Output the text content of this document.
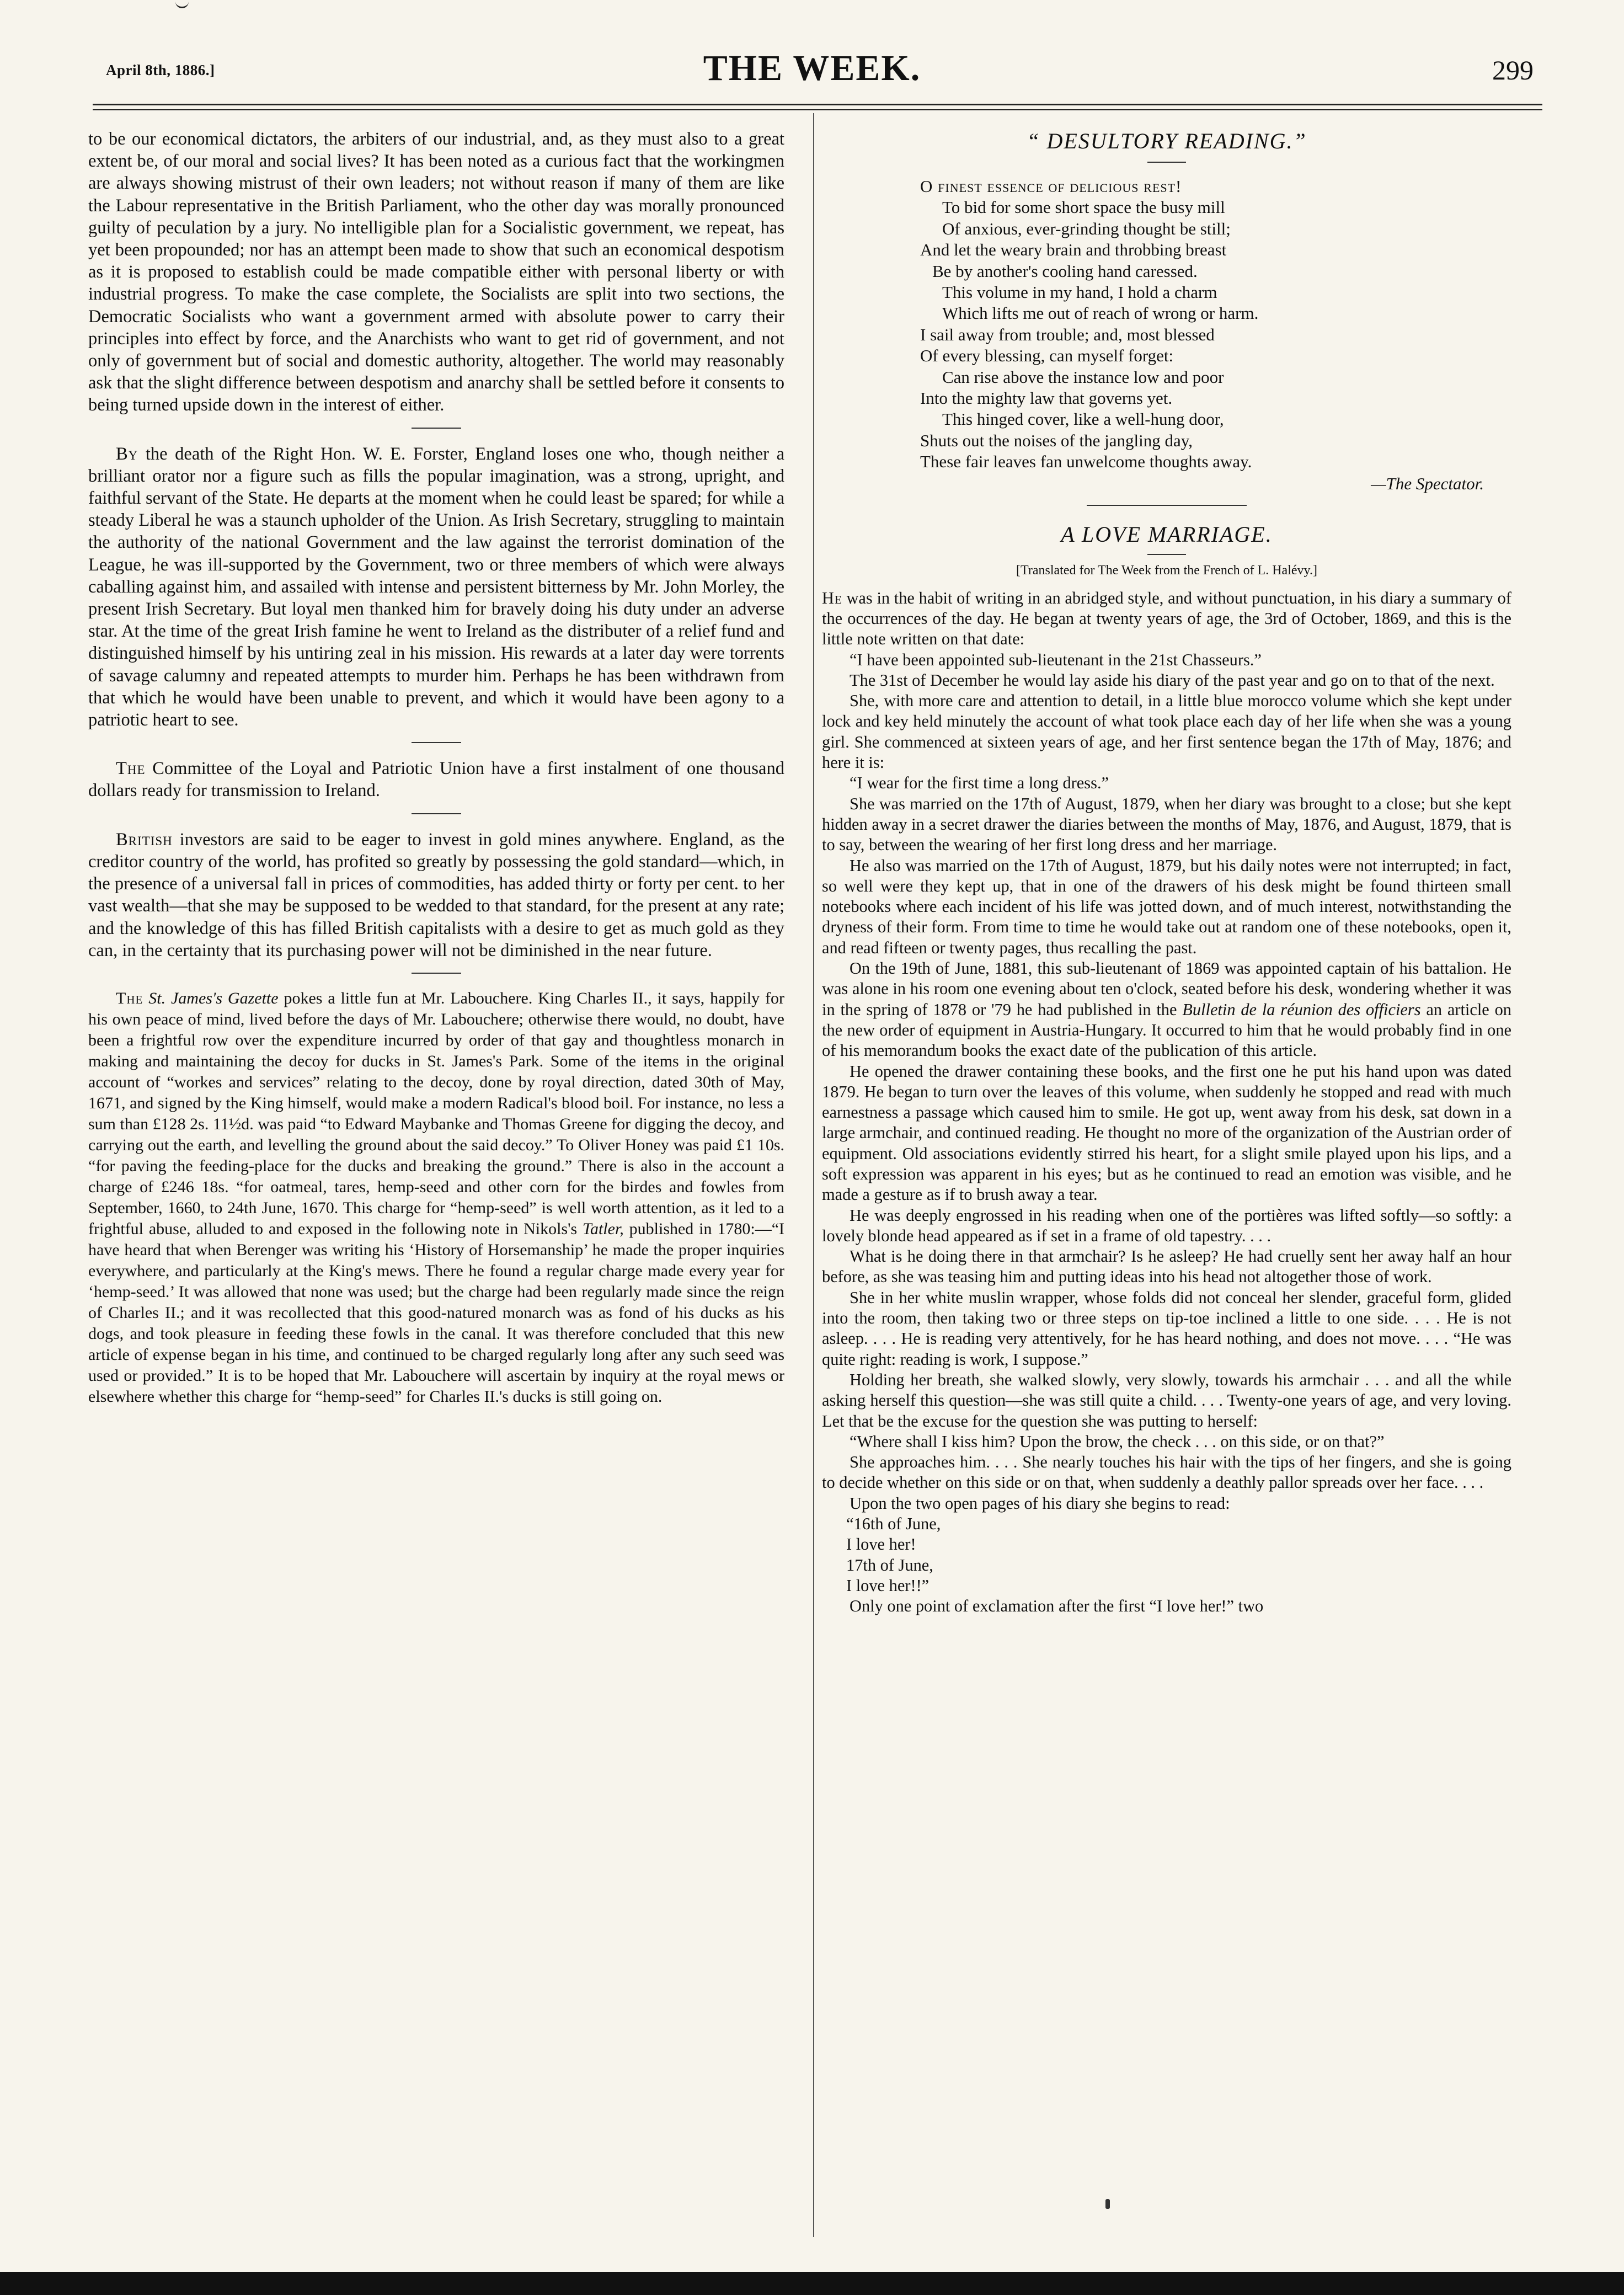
April 8th, 1886.]	THE WEEK.	299

to be our economical dictators, the arbiters of our industrial, and, as they must also to a great extent be, of our moral and social lives? It has been noted as a curious fact that the workingmen are always showing mistrust of their own leaders; not without reason if many of them are like the Labour representative in the British Parliament, who the other day was morally pronounced guilty of peculation by a jury. No intelligible plan for a Socialistic government, we repeat, has yet been propounded; nor has an attempt been made to show that such an economical despotism as it is proposed to establish could be made compatible either with personal liberty or with industrial progress. To make the case complete, the Socialists are split into two sections, the Democratic Socialists who want a government armed with absolute power to carry their principles into effect by force, and the Anarchists who want to get rid of government, and not only of government but of social and domestic authority, altogether. The world may reasonably ask that the slight difference between despotism and anarchy shall be settled before it consents to being turned upside down in the interest of either.

By the death of the Right Hon. W. E. Forster, England loses one who, though neither a brilliant orator nor a figure such as fills the popular imagination, was a strong, upright, and faithful servant of the State. He departs at the moment when he could least be spared; for while a steady Liberal he was a staunch upholder of the Union. As Irish Secretary, struggling to maintain the authority of the national Government and the law against the terrorist domination of the League, he was ill-supported by the Government, two or three members of which were always caballing against him, and assailed with intense and persistent bitterness by Mr. John Morley, the present Irish Secretary. But loyal men thanked him for bravely doing his duty under an adverse star. At the time of the great Irish famine he went to Ireland as the distributer of a relief fund and distinguished himself by his untiring zeal in his mission. His rewards at a later day were torrents of savage calumny and repeated attempts to murder him. Perhaps he has been withdrawn from that which he would have been unable to prevent, and which it would have been agony to a patriotic heart to see.

The Committee of the Loyal and Patriotic Union have a first instalment of one thousand dollars ready for transmission to Ireland.

British investors are said to be eager to invest in gold mines anywhere. England, as the creditor country of the world, has profited so greatly by possessing the gold standard—which, in the presence of a universal fall in prices of commodities, has added thirty or forty per cent. to her vast wealth—that she may be supposed to be wedded to that standard, for the present at any rate; and the knowledge of this has filled British capitalists with a desire to get as much gold as they can, in the certainty that its purchasing power will not be diminished in the near future.

The St. James's Gazette pokes a little fun at Mr. Labouchere. King Charles II., it says, happily for his own peace of mind, lived before the days of Mr. Labouchere; otherwise there would, no doubt, have been a frightful row over the expenditure incurred by order of that gay and thoughtless monarch in making and maintaining the decoy for ducks in St. James's Park. Some of the items in the original account of “workes and services” relating to the decoy, done by royal direction, dated 30th of May, 1671, and signed by the King himself, would make a modern Radical's blood boil. For instance, no less a sum than £128 2s. 11½d. was paid “to Edward Maybanke and Thomas Greene for digging the decoy, and carrying out the earth, and levelling the ground about the said decoy.” To Oliver Honey was paid £1 10s. “for paving the feeding-place for the ducks and breaking the ground.” There is also in the account a charge of £246 18s. “for oatmeal, tares, hemp-seed and other corn for the birdes and fowles from September, 1660, to 24th June, 1670. This charge for “hemp-seed” is well worth attention, as it led to a frightful abuse, alluded to and exposed in the following note in Nikols's Tatler, published in 1780:—“I have heard that when Berenger was writing his ‘History of Horsemanship’ he made the proper inquiries everywhere, and particularly at the King's mews. There he found a regular charge made every year for ‘hemp-seed.’ It was allowed that none was used; but the charge had been regularly made since the reign of Charles II.; and it was recollected that this good-natured monarch was as fond of his ducks as his dogs, and took pleasure in feeding these fowls in the canal. It was therefore concluded that this new article of expense began in his time, and continued to be charged regularly long after any such seed was used or provided.” It is to be hoped that Mr. Labouchere will ascertain by inquiry at the royal mews or elsewhere whether this charge for “hemp-seed” for Charles II.'s ducks is still going on.

“ DESULTORY READING.”
O finest essence of delicious rest!
To bid for some short space the busy mill
Of anxious, ever-grinding thought be still;
And let the weary brain and throbbing breast
Be by another's cooling hand caressed.
This volume in my hand, I hold a charm
Which lifts me out of reach of wrong or harm.
I sail away from trouble; and, most blessed
Of every blessing, can myself forget:
Can rise above the instance low and poor
Into the mighty law that governs yet.
This hinged cover, like a well-hung door,
Shuts out the noises of the jangling day,
These fair leaves fan unwelcome thoughts away.
—The Spectator.
A LOVE MARRIAGE.
[Translated for The Week from the French of L. Halévy.]

He was in the habit of writing in an abridged style, and without punctuation, in his diary a summary of the occurrences of the day. He began at twenty years of age, the 3rd of October, 1869, and this is the little note written on that date:

“I have been appointed sub-lieutenant in the 21st Chasseurs.”

The 31st of December he would lay aside his diary of the past year and go on to that of the next.

She, with more care and attention to detail, in a little blue morocco volume which she kept under lock and key held minutely the account of what took place each day of her life when she was a young girl. She commenced at sixteen years of age, and her first sentence began the 17th of May, 1876; and here it is:

“I wear for the first time a long dress.”

She was married on the 17th of August, 1879, when her diary was brought to a close; but she kept hidden away in a secret drawer the diaries between the months of May, 1876, and August, 1879, that is to say, between the wearing of her first long dress and her marriage.

He also was married on the 17th of August, 1879, but his daily notes were not interrupted; in fact, so well were they kept up, that in one of the drawers of his desk might be found thirteen small notebooks where each incident of his life was jotted down, and of much interest, notwithstanding the dryness of their form. From time to time he would take out at random one of these notebooks, open it, and read fifteen or twenty pages, thus recalling the past.

On the 19th of June, 1881, this sub-lieutenant of 1869 was appointed captain of his battalion. He was alone in his room one evening about ten o'clock, seated before his desk, wondering whether it was in the spring of 1878 or '79 he had published in the Bulletin de la réunion des officiers an article on the new order of equipment in Austria-Hungary. It occurred to him that he would probably find in one of his memorandum books the exact date of the publication of this article.

He opened the drawer containing these books, and the first one he put his hand upon was dated 1879. He began to turn over the leaves of this volume, when suddenly he stopped and read with much earnestness a passage which caused him to smile. He got up, went away from his desk, sat down in a large armchair, and continued reading. He thought no more of the organization of the Austrian order of equipment. Old associations evidently stirred his heart, for a slight smile played upon his lips, and a soft expression was apparent in his eyes; but as he continued to read an emotion was visible, and he made a gesture as if to brush away a tear.

He was deeply engrossed in his reading when one of the portières was lifted softly—so softly: a lovely blonde head appeared as if set in a frame of old tapestry. . . .

What is he doing there in that armchair? Is he asleep? He had cruelly sent her away half an hour before, as she was teasing him and putting ideas into his head not altogether those of work.

She in her white muslin wrapper, whose folds did not conceal her slender, graceful form, glided into the room, then taking two or three steps on tip-toe inclined a little to one side. . . . He is not asleep. . . . He is reading very attentively, for he has heard nothing, and does not move. . . . “He was quite right: reading is work, I suppose.”

Holding her breath, she walked slowly, very slowly, towards his armchair . . . and all the while asking herself this question—she was still quite a child. . . . Twenty-one years of age, and very loving. Let that be the excuse for the question she was putting to herself:

“Where shall I kiss him? Upon the brow, the check . . . on this side, or on that?”

She approaches him. . . . She nearly touches his hair with the tips of her fingers, and she is going to decide whether on this side or on that, when suddenly a deathly pallor spreads over her face. . . .

Upon the two open pages of his diary she begins to read:

“16th of June,
I love her!
17th of June,
I love her!!”

Only one point of exclamation after the first “I love her!” two
